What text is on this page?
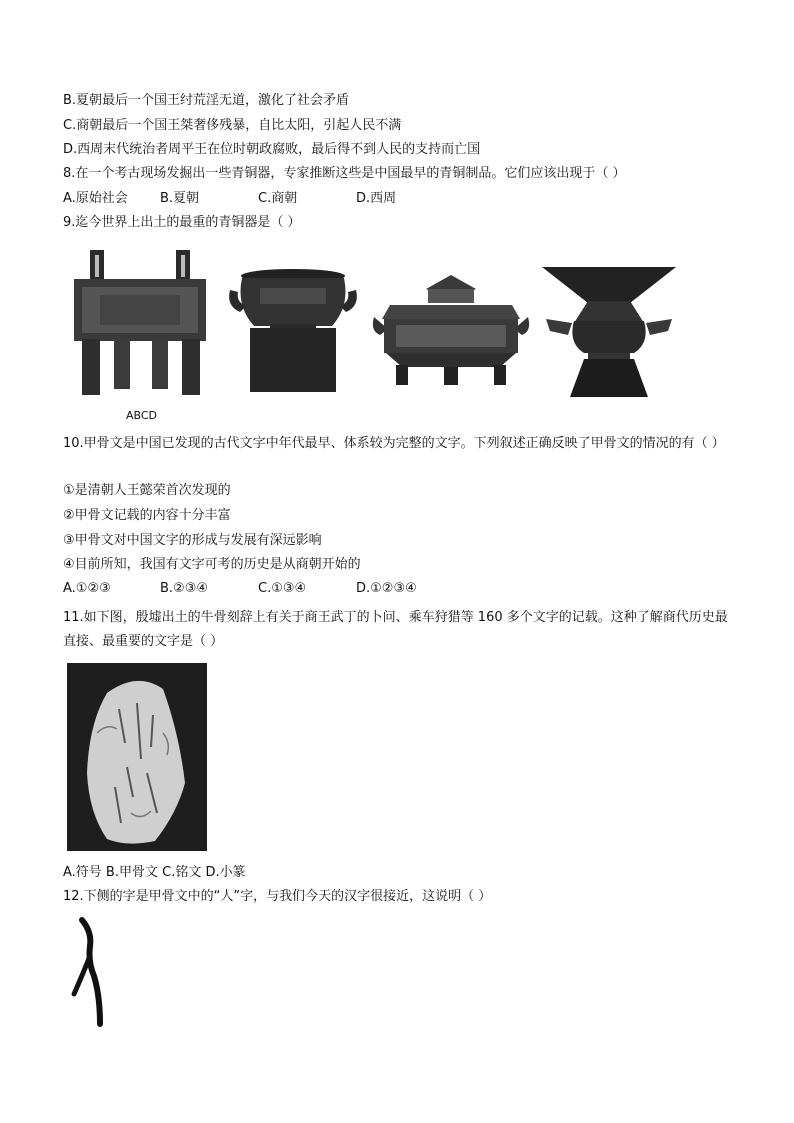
B.夏朝最后一个国王纣荒淫无道，激化了社会矛盾
C.商朝最后一个国王桀奢侈残暴，自比太阳，引起人民不满
D.西周末代统治者周平王在位时朝政腐败，最后得不到人民的支持而亡国
8.在一个考古现场发掘出一些青铜器，专家推断这些是中国最早的青铜制品。它们应该出现于（ ）
A.原始社会 B.夏朝	C.商朝	D.西周
9.迄今世界上出土的最重的青铜器是（ ）
ABCD
10.甲骨文是中国已发现的古代文字中年代最早、体系较为完整的文字。下列叙述正确反映了甲骨文的情况的有（ ）
①是清朝人王懿荣首次发现的
②甲骨文记载的内容十分丰富
③甲骨文对中国文字的形成与发展有深远影响
④目前所知，我国有文字可考的历史是从商朝开始的
A.①②③	B.②③④	C.①③④	D.①②③④
11.如下图，殷墟出土的牛骨刻辞上有关于商王武丁的卜问、乘车狩猎等 160 多个文字的记载。这种了解商代历史最直接、最重要的文字是（ ）
A.符号 B.甲骨文 C.铭文 D.小篆
12.下侧的字是甲骨文中的“人”字，与我们今天的汉字很接近，这说明（ ）
